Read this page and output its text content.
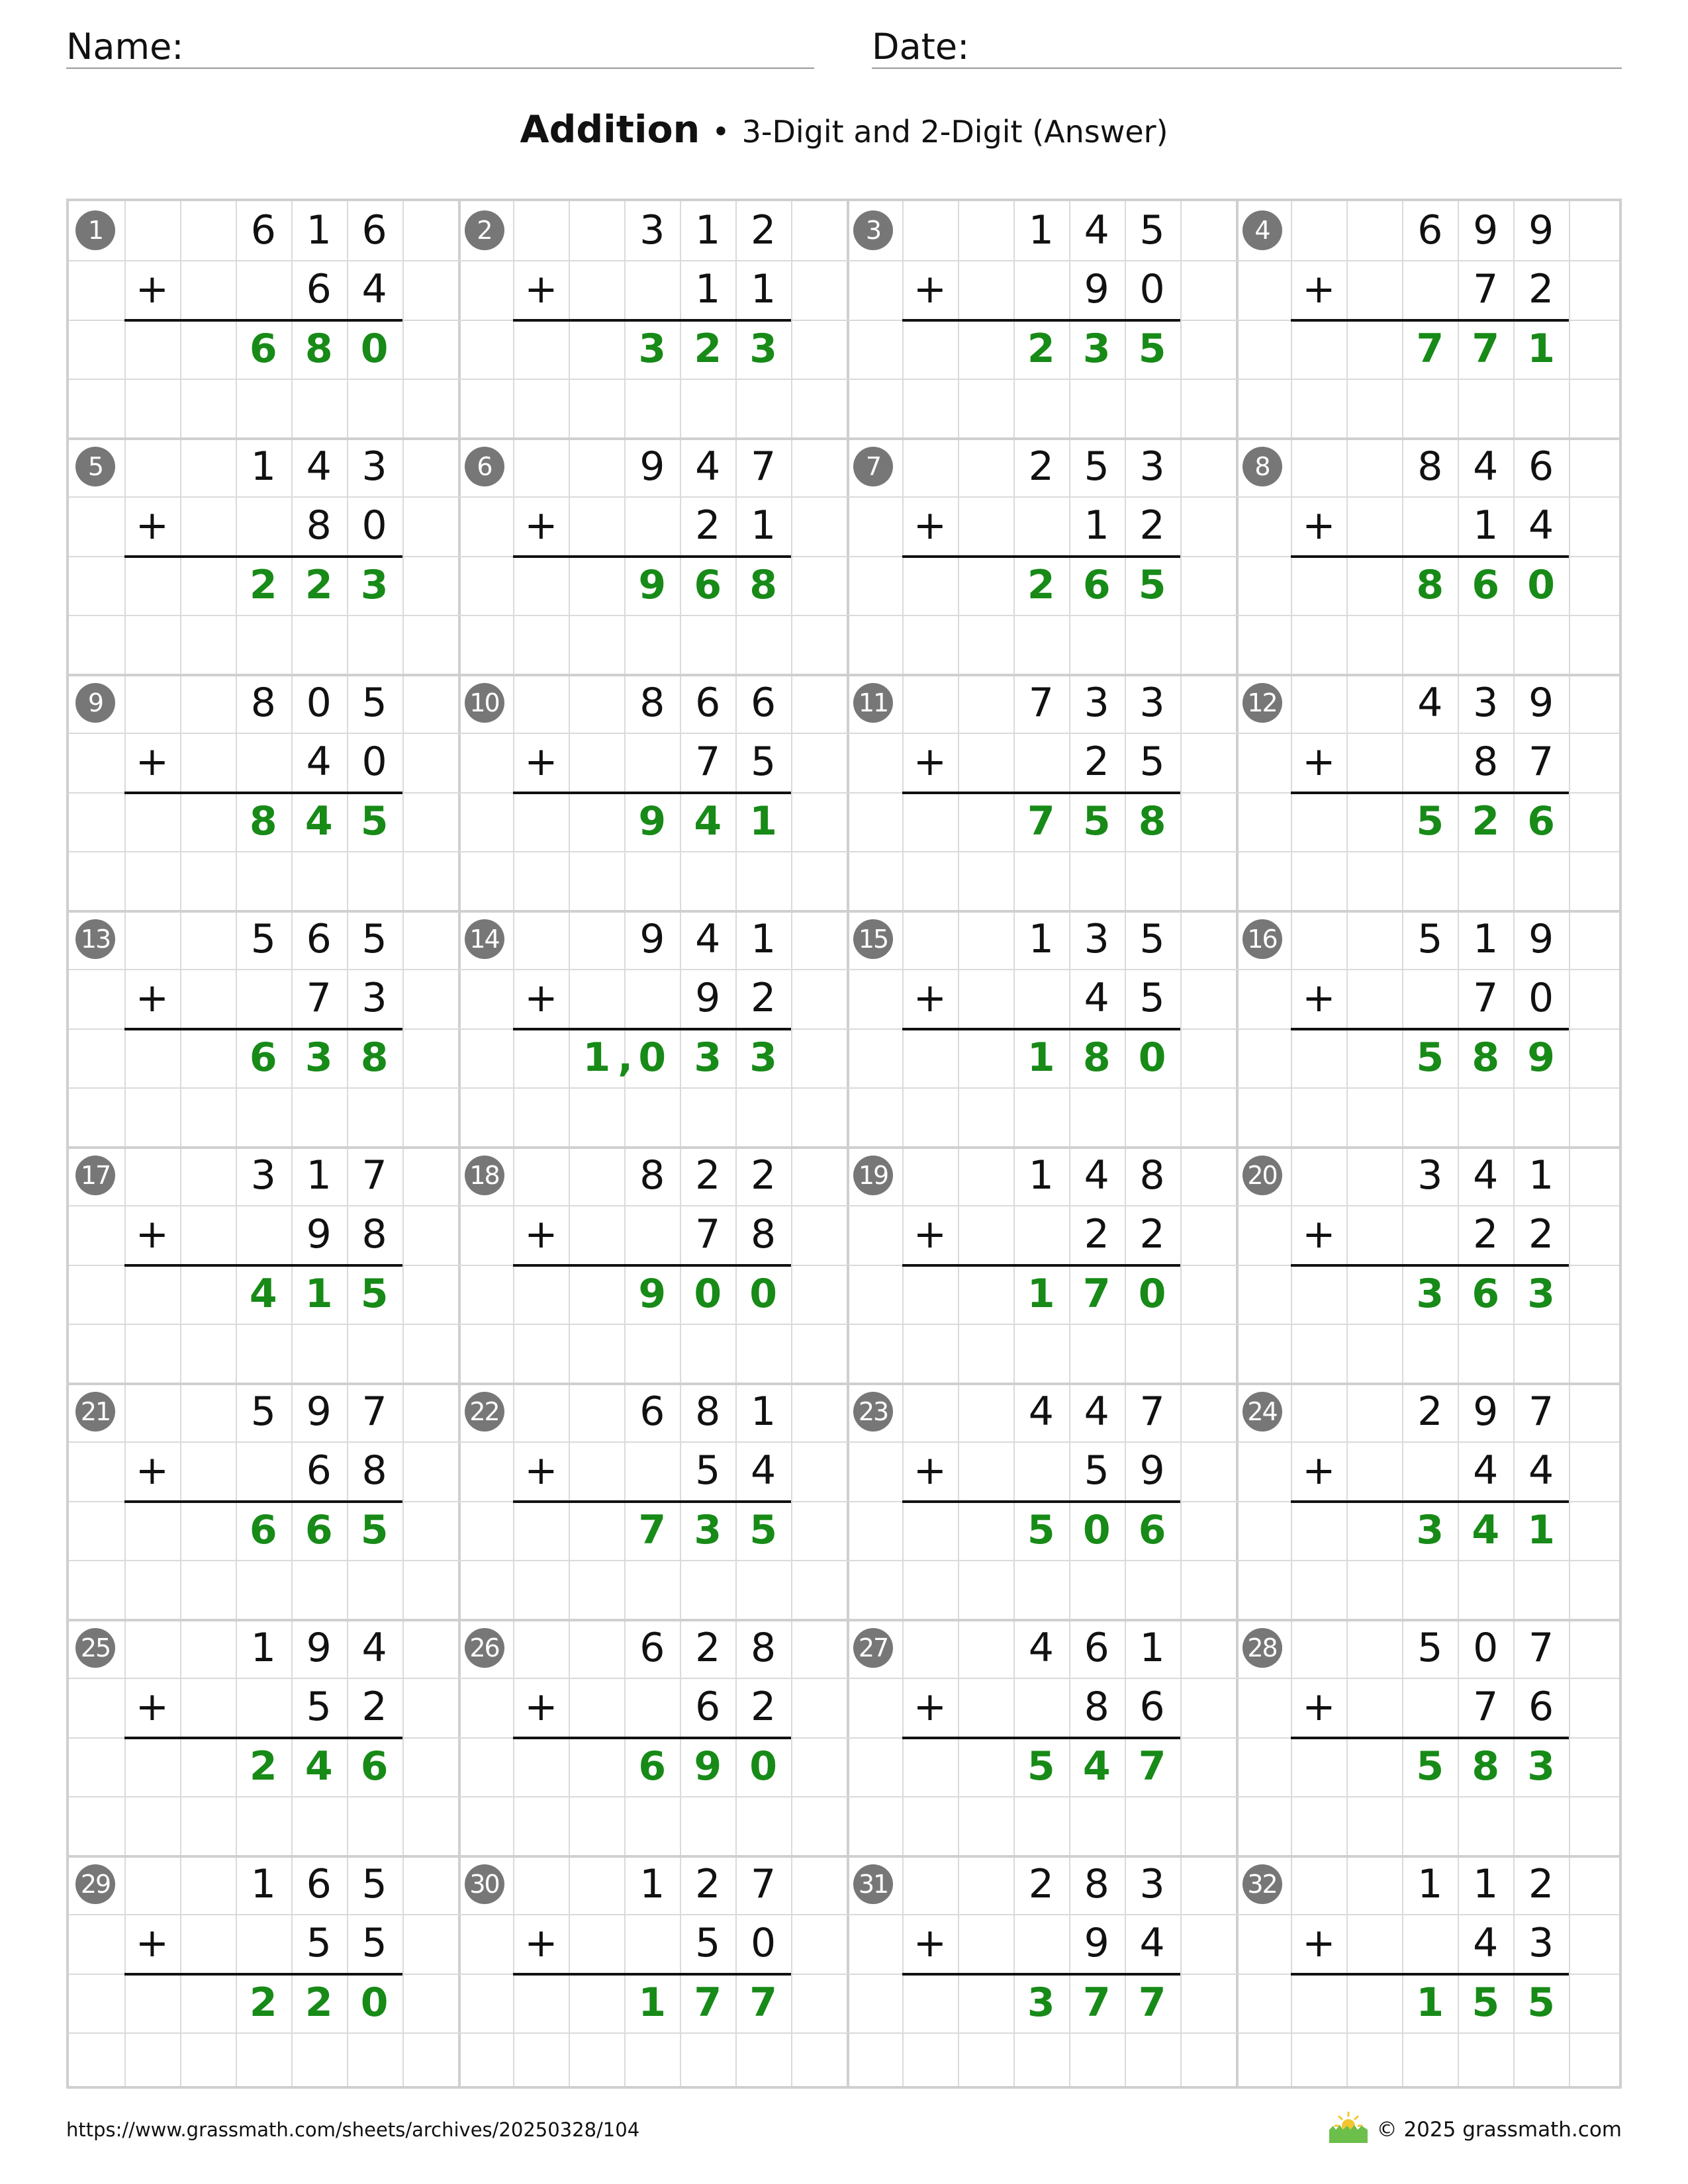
Name:	Date:
Addition • 3-Digit and 2-Digit (Answer)
1	6 1 6
6 4
+
6 8 0
2	3 1 2
1 1
+
3 2 3
3	1 4 5
9 0
+
2 3 5
4	6 9 9
7 2
+
7 7 1
5	1 4 3
8 0
+
2 2 3
6	9 4 7
2 1
+
9 6 8
7	2 5 3
1 2
+
2 6 5
8	8 4 6
1 4
+
8 6 0
9	8 0 5
4 0
+
8 4 5
10	8 6 6
7 5
+
9 4 1
11	7 3 3
2 5
+
7 5 8
12	4 3 9
8 7
+
5 2 6
13	5 6 5
7 3
+
6 3 8
14	9 4 1
9 2
+
1 0 3 3
,
15	1 3 5
4 5
+
1 8 0
16	5 1 9
7 0
+
5 8 9
17	3 1 7
9 8
+
4 1 5
18	8 2 2
7 8
+
9 0 0
19	1 4 8
2 2
+
1 7 0
20	3 4 1
2 2
+
3 6 3
21	5 9 7
6 8
+
6 6 5
22	6 8 1
5 4
+
7 3 5
23	4 4 7
5 9
+
5 0 6
24	2 9 7
4 4
+
3 4 1
25	1 9 4
5 2
+
2 4 6
26	6 2 8
6 2
+
6 9 0
27	4 6 1
8 6
+
5 4 7
28	5 0 7
7 6
+
5 8 3
29	1 6 5
5 5
+
2 2 0
30	1 2 7
5 0
+
1 7 7
31	2 8 3
9 4
+
3 7 7
32	1 1 2
4 3
+
1 5 5
https://www.grassmath.com/sheets/archives/20250328/104	© 2025 grassmath.com
